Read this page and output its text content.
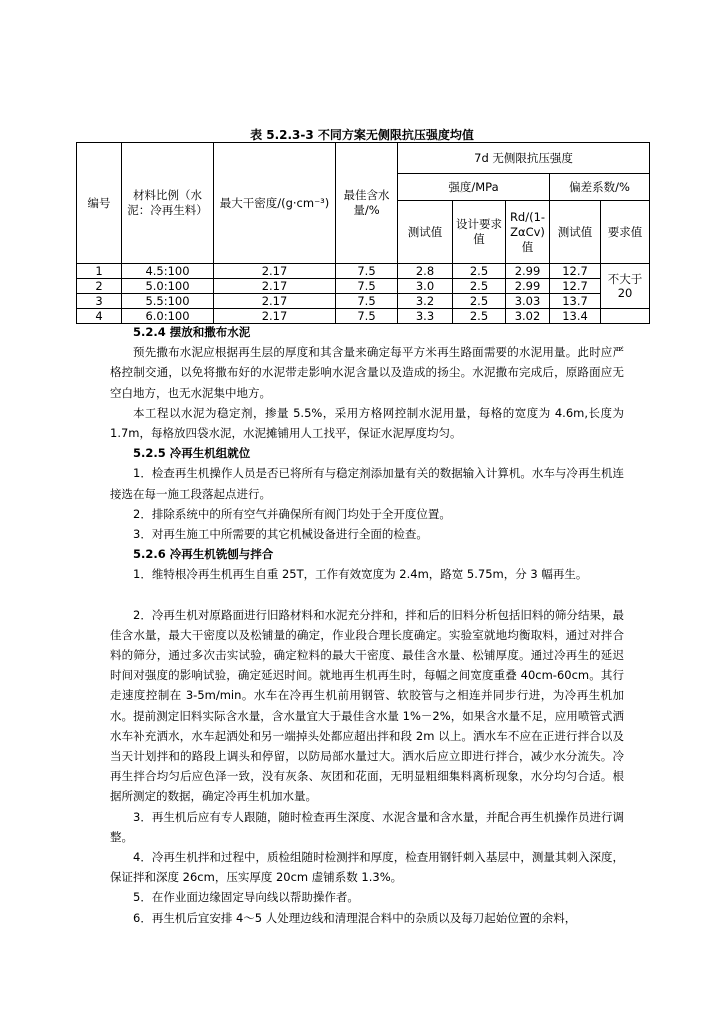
表 5.2.3-3 不同方案无侧限抗压强度均值
编号	材料比例（水泥：冷再生料）	最大干密度/(g·cm⁻³)	最佳含水量/%	7d 无侧限抗压强度				
				强度/MPa			偏差系数/%	
				测试值	设计要求值	Rd/(1-ZαCv)值	测试值	要求值
1	4.5:100	2.17	7.5	2.8	2.5	2.99	12.7	不大于20
2	5.0:100	2.17	7.5	3.0	2.5	2.99	12.7	
3	5.5:100	2.17	7.5	3.2	2.5	3.03	13.7	
4	6.0:100	2.17	7.5	3.3	2.5	3.02	13.4	

5.2.4 摆放和撒布水泥

预先撒布水泥应根据再生层的厚度和其含量来确定每平方米再生路面需要的水泥用量。此时应严格控制交通，以免将撒布好的水泥带走影响水泥含量以及造成的扬尘。水泥撒布完成后，原路面应无空白地方，也无水泥集中地方。

本工程以水泥为稳定剂，掺量 5.5%，采用方格网控制水泥用量，每格的宽度为 4.6m,长度为 1.7m，每格放四袋水泥，水泥摊铺用人工找平，保证水泥厚度均匀。

5.2.5 冷再生机组就位

1．检查再生机操作人员是否已将所有与稳定剂添加量有关的数据输入计算机。水车与冷再生机连接选在每一施工段落起点进行。

2．排除系统中的所有空气并确保所有阀门均处于全开度位置。

3．对再生施工中所需要的其它机械设备进行全面的检查。

5.2.6 冷再生机铣刨与拌合

1．维特根冷再生机再生自重 25T，工作有效宽度为 2.4m，路宽 5.75m，分 3 幅再生。

2．冷再生机对原路面进行旧路材料和水泥充分拌和，拌和后的旧料分析包括旧料的筛分结果，最佳含水量，最大干密度以及松铺量的确定，作业段合理长度确定。实验室就地均衡取料，通过对拌合料的筛分，通过多次击实试验，确定粒料的最大干密度、最佳含水量、松铺厚度。通过冷再生的延迟时间对强度的影响试验，确定延迟时间。就地再生机再生时，每幅之间宽度重叠 40cm-60cm。其行走速度控制在 3-5m/min。水车在冷再生机前用钢管、软胶管与之相连并同步行进，为冷再生机加水。提前测定旧料实际含水量，含水量宜大于最佳含水量 1%－2%，如果含水量不足，应用喷管式洒水车补充洒水，水车起洒处和另一端掉头处都应超出拌和段 2m 以上。洒水车不应在正进行拌合以及当天计划拌和的路段上调头和停留，以防局部水量过大。洒水后应立即进行拌合，减少水分流失。冷再生拌合均匀后应色泽一致，没有灰条、灰团和花面，无明显粗细集料离析现象，水分均匀合适。根据所测定的数据，确定冷再生机加水量。

3．再生机后应有专人跟随，随时检查再生深度、水泥含量和含水量，并配合再生机操作员进行调整。

4．冷再生机拌和过程中，质检组随时检测拌和厚度，检查用钢钎刺入基层中，测量其刺入深度，保证拌和深度 26cm，压实厚度 20cm 虚铺系数 1.3%。

5．在作业面边缘固定导向线以帮助操作者。

6．再生机后宜安排 4～5 人处理边线和清理混合料中的杂质以及每刀起始位置的余料，
